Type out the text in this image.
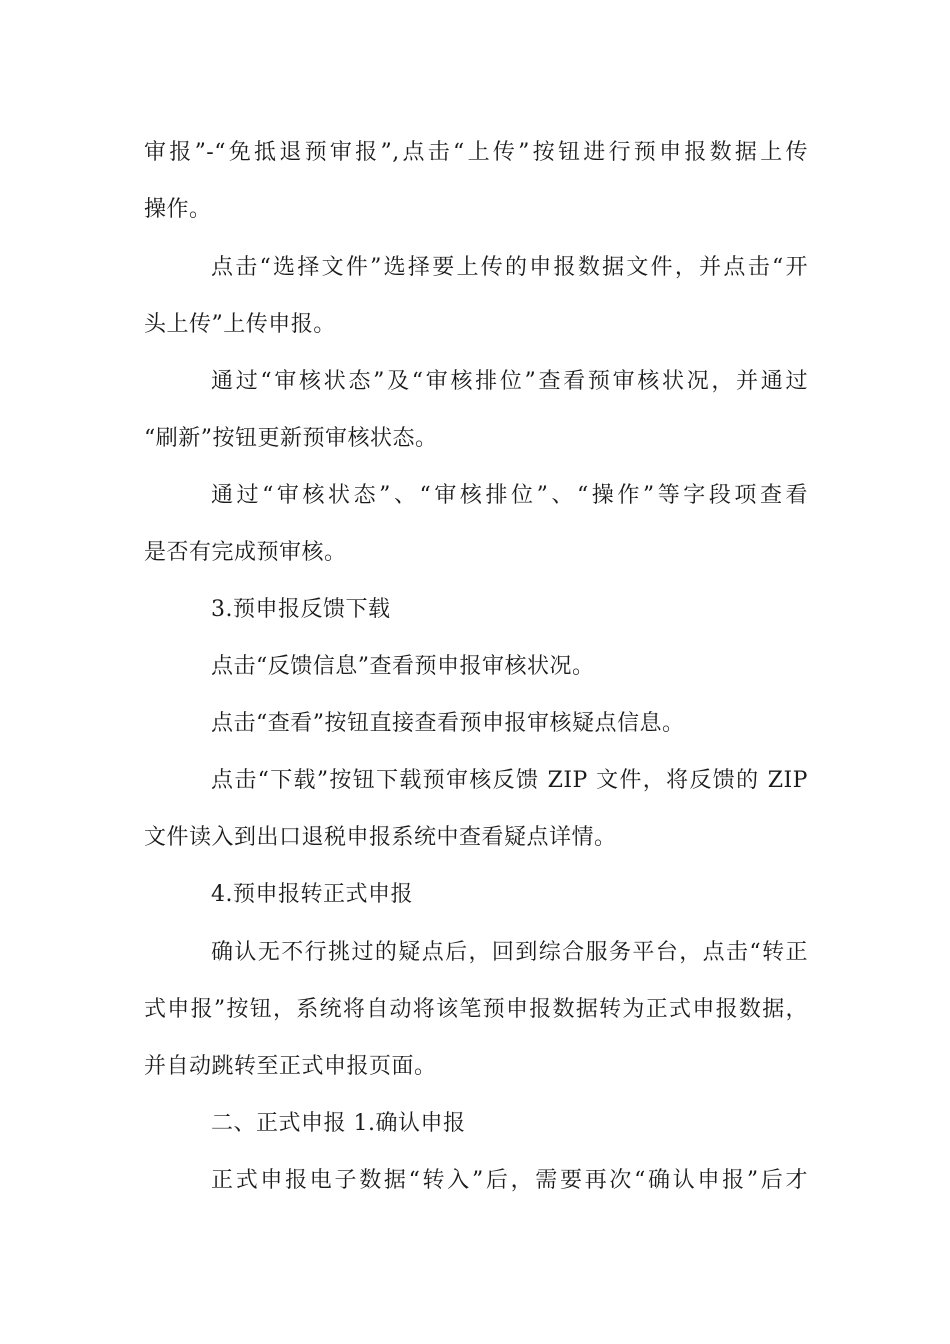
审报”-“免抵退预审报”,点击“上传”按钮进行预申报数据上传

操作。

点击“选择文件”选择要上传的申报数据文件，并点击“开

头上传”上传申报。

通过“审核状态”及“审核排位”查看预审核状况，并通过

“刷新”按钮更新预审核状态。

通过“审核状态”、“审核排位”、“操作”等字段项查看

是否有完成预审核。

3.预申报反馈下载

点击“反馈信息”查看预申报审核状况。

点击“查看”按钮直接查看预申报审核疑点信息。

点击“下载”按钮下载预审核反馈 ZIP 文件，将反馈的 ZIP

文件读入到出口退税申报系统中查看疑点详情。

4.预申报转正式申报

确认无不行挑过的疑点后，回到综合服务平台，点击“转正

式申报”按钮，系统将自动将该笔预申报数据转为正式申报数据，

并自动跳转至正式申报页面。

二、正式申报 1.确认申报

正式申报电子数据“转入”后，需要再次“确认申报”后才
